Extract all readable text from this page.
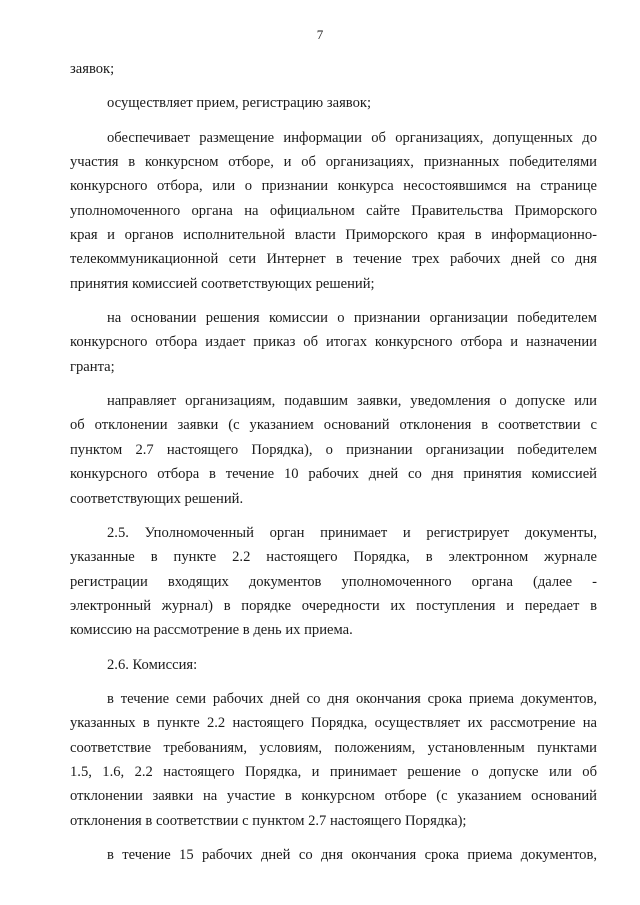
7
заявок;
осуществляет прием, регистрацию заявок;
обеспечивает размещение информации об организациях, допущенных до
участия в конкурсном отборе, и об организациях, признанных победителями
конкурсного отбора, или о признании конкурса несостоявшимся на странице
уполномоченного органа на официальном сайте Правительства Приморского
края и органов исполнительной власти Приморского края в информационно-
телекоммуникационной сети Интернет в течение трех рабочих дней со дня
принятия комиссией соответствующих решений;
на основании решения комиссии о признании организации победителем
конкурсного отбора издает приказ об итогах конкурсного отбора и назначении
гранта;
направляет организациям, подавшим заявки, уведомления о допуске или
об отклонении заявки (с указанием оснований отклонения в соответствии с
пунктом 2.7 настоящего Порядка), о признании организации победителем
конкурсного отбора в течение 10 рабочих дней со дня принятия комиссией
соответствующих решений.
2.5. Уполномоченный орган принимает и регистрирует документы,
указанные в пункте 2.2 настоящего Порядка, в электронном журнале
регистрации входящих документов уполномоченного органа (далее -
электронный журнал) в порядке очередности их поступления и передает в
комиссию на рассмотрение в день их приема.
2.6. Комиссия:
в течение семи рабочих дней со дня окончания срока приема документов,
указанных в пункте 2.2 настоящего Порядка, осуществляет их рассмотрение на
соответствие требованиям, условиям, положениям, установленным пунктами
1.5, 1.6, 2.2 настоящего Порядка, и принимает решение о допуске или об
отклонении заявки на участие в конкурсном отборе (с указанием оснований
отклонения в соответствии с пунктом 2.7 настоящего Порядка);
в течение 15 рабочих дней со дня окончания срока приема документов,
